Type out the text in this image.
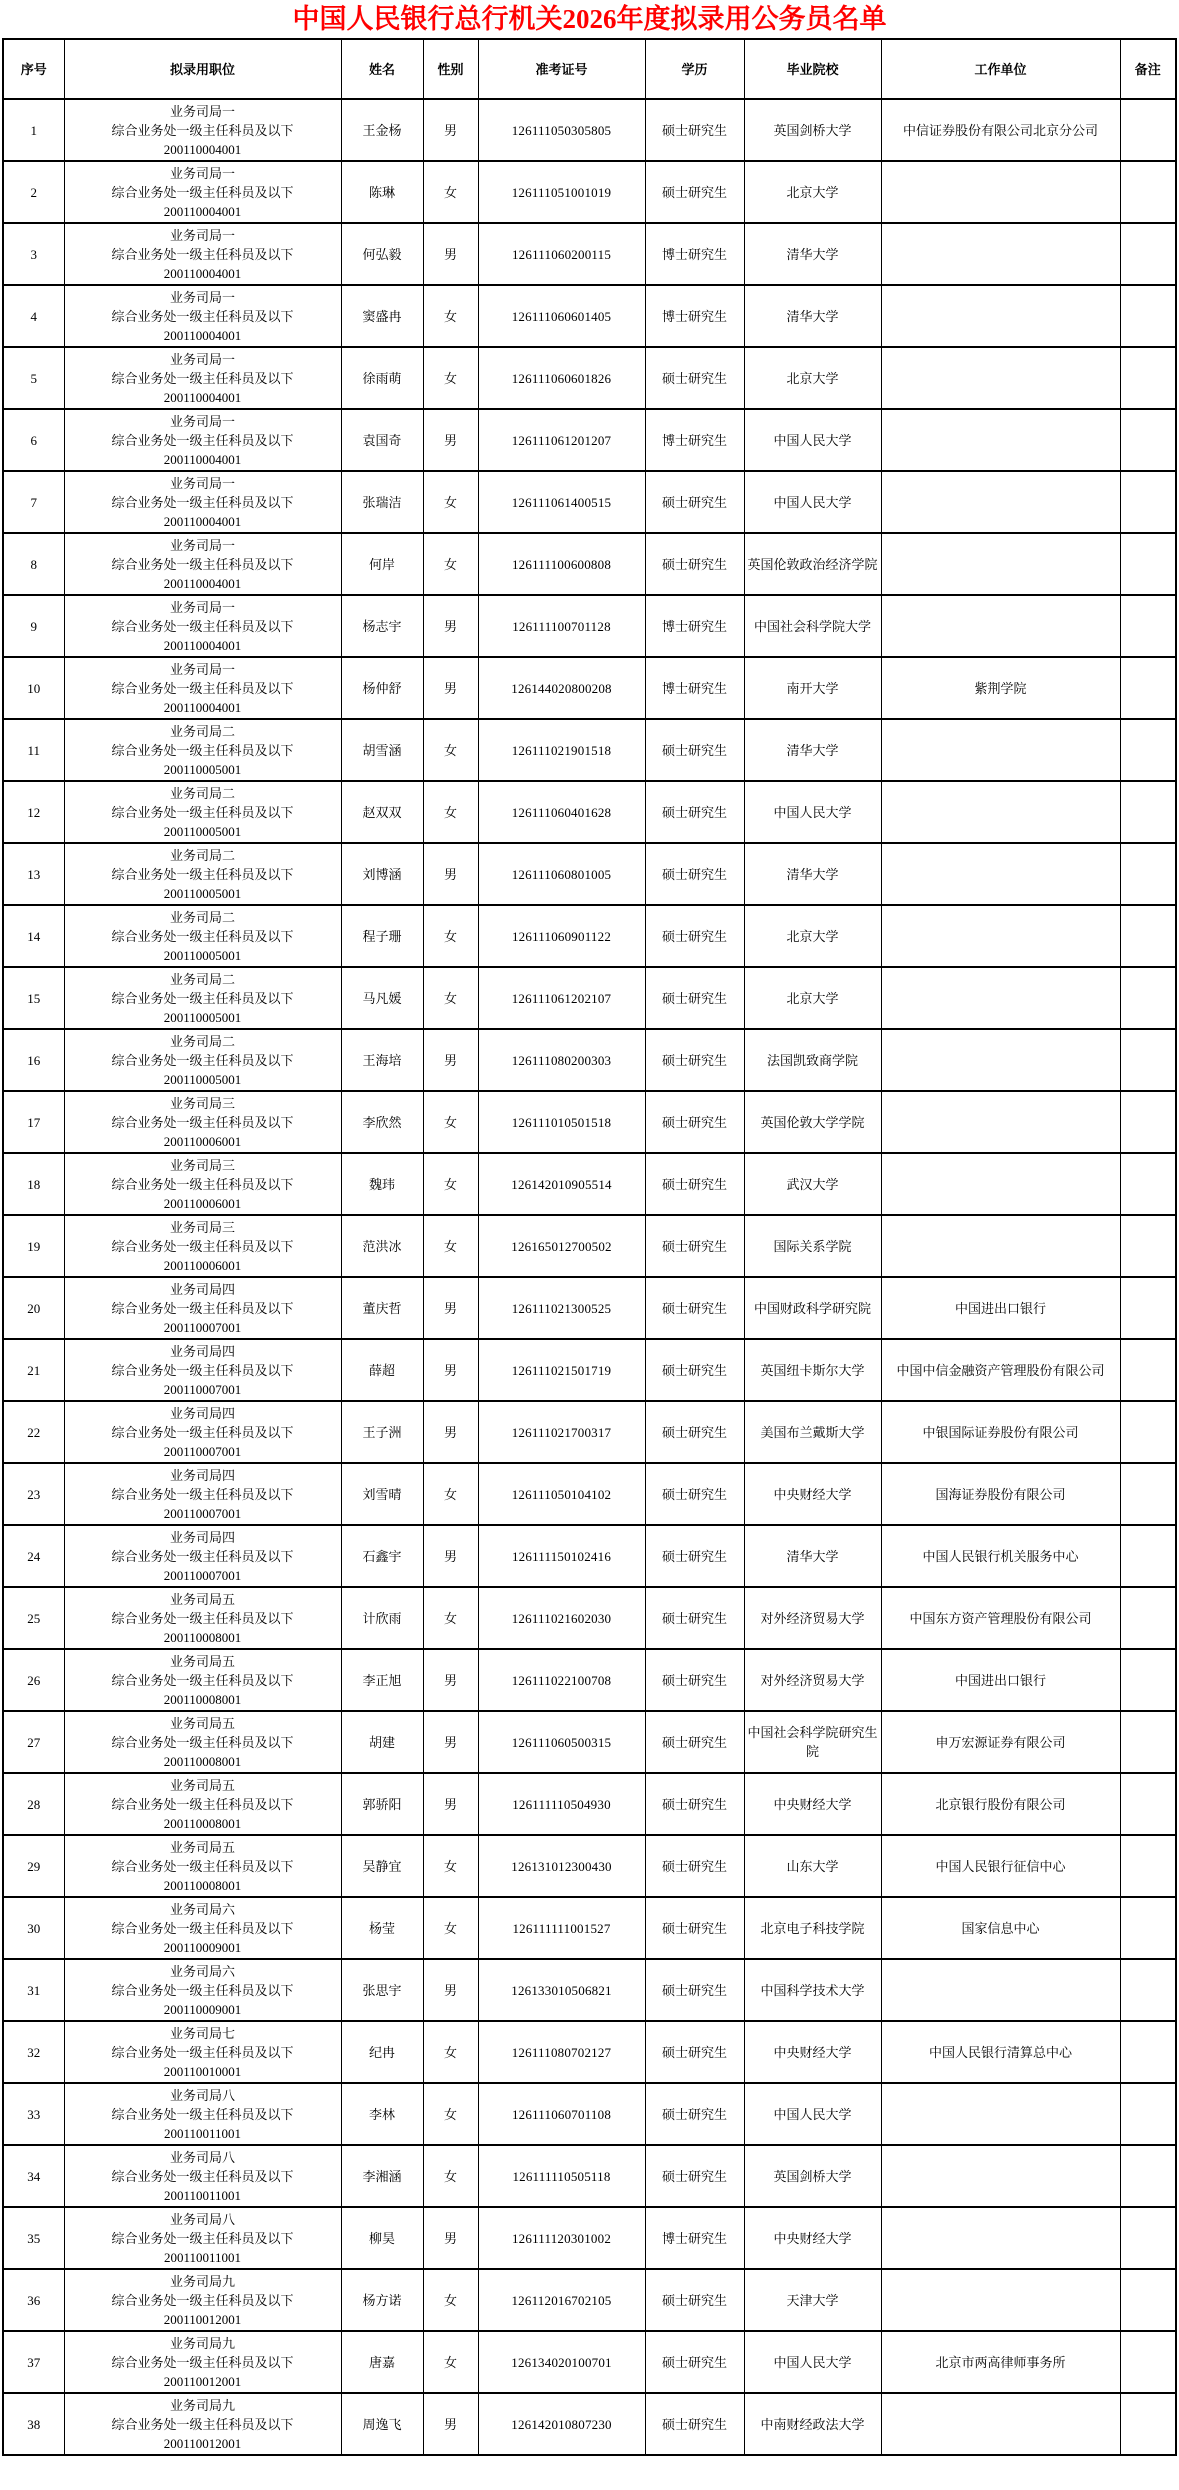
中国人民银行总行机关2026年度拟录用公务员名单
序号	拟录用职位	姓名	性别	准考证号	学历	毕业院校	工作单位	备注
1	业务司局一
综合业务处一级主任科员及以下
200110004001	王金杨	男	126111050305805	硕士研究生	英国剑桥大学	中信证券股份有限公司北京分公司	
2	业务司局一
综合业务处一级主任科员及以下
200110004001	陈琳	女	126111051001019	硕士研究生	北京大学		
3	业务司局一
综合业务处一级主任科员及以下
200110004001	何弘毅	男	126111060200115	博士研究生	清华大学		
4	业务司局一
综合业务处一级主任科员及以下
200110004001	窦盛冉	女	126111060601405	博士研究生	清华大学		
5	业务司局一
综合业务处一级主任科员及以下
200110004001	徐雨萌	女	126111060601826	硕士研究生	北京大学		
6	业务司局一
综合业务处一级主任科员及以下
200110004001	袁国奇	男	126111061201207	博士研究生	中国人民大学		
7	业务司局一
综合业务处一级主任科员及以下
200110004001	张瑞洁	女	126111061400515	硕士研究生	中国人民大学		
8	业务司局一
综合业务处一级主任科员及以下
200110004001	何岸	女	126111100600808	硕士研究生	英国伦敦政治经济学院		
9	业务司局一
综合业务处一级主任科员及以下
200110004001	杨志宇	男	126111100701128	博士研究生	中国社会科学院大学		
10	业务司局一
综合业务处一级主任科员及以下
200110004001	杨仲舒	男	126144020800208	博士研究生	南开大学	紫荆学院	
11	业务司局二
综合业务处一级主任科员及以下
200110005001	胡雪涵	女	126111021901518	硕士研究生	清华大学		
12	业务司局二
综合业务处一级主任科员及以下
200110005001	赵双双	女	126111060401628	硕士研究生	中国人民大学		
13	业务司局二
综合业务处一级主任科员及以下
200110005001	刘博涵	男	126111060801005	硕士研究生	清华大学		
14	业务司局二
综合业务处一级主任科员及以下
200110005001	程子珊	女	126111060901122	硕士研究生	北京大学		
15	业务司局二
综合业务处一级主任科员及以下
200110005001	马凡媛	女	126111061202107	硕士研究生	北京大学		
16	业务司局二
综合业务处一级主任科员及以下
200110005001	王海培	男	126111080200303	硕士研究生	法国凯致商学院		
17	业务司局三
综合业务处一级主任科员及以下
200110006001	李欣然	女	126111010501518	硕士研究生	英国伦敦大学学院		
18	业务司局三
综合业务处一级主任科员及以下
200110006001	魏玮	女	126142010905514	硕士研究生	武汉大学		
19	业务司局三
综合业务处一级主任科员及以下
200110006001	范洪冰	女	126165012700502	硕士研究生	国际关系学院		
20	业务司局四
综合业务处一级主任科员及以下
200110007001	董庆哲	男	126111021300525	硕士研究生	中国财政科学研究院	中国进出口银行	
21	业务司局四
综合业务处一级主任科员及以下
200110007001	薛超	男	126111021501719	硕士研究生	英国纽卡斯尔大学	中国中信金融资产管理股份有限公司	
22	业务司局四
综合业务处一级主任科员及以下
200110007001	王子洲	男	126111021700317	硕士研究生	美国布兰戴斯大学	中银国际证券股份有限公司	
23	业务司局四
综合业务处一级主任科员及以下
200110007001	刘雪晴	女	126111050104102	硕士研究生	中央财经大学	国海证券股份有限公司	
24	业务司局四
综合业务处一级主任科员及以下
200110007001	石鑫宇	男	126111150102416	硕士研究生	清华大学	中国人民银行机关服务中心	
25	业务司局五
综合业务处一级主任科员及以下
200110008001	计欣雨	女	126111021602030	硕士研究生	对外经济贸易大学	中国东方资产管理股份有限公司	
26	业务司局五
综合业务处一级主任科员及以下
200110008001	李正旭	男	126111022100708	硕士研究生	对外经济贸易大学	中国进出口银行	
27	业务司局五
综合业务处一级主任科员及以下
200110008001	胡建	男	126111060500315	硕士研究生	中国社会科学院研究生院	申万宏源证券有限公司	
28	业务司局五
综合业务处一级主任科员及以下
200110008001	郭骄阳	男	126111110504930	硕士研究生	中央财经大学	北京银行股份有限公司	
29	业务司局五
综合业务处一级主任科员及以下
200110008001	吴静宜	女	126131012300430	硕士研究生	山东大学	中国人民银行征信中心	
30	业务司局六
综合业务处一级主任科员及以下
200110009001	杨莹	女	126111111001527	硕士研究生	北京电子科技学院	国家信息中心	
31	业务司局六
综合业务处一级主任科员及以下
200110009001	张思宇	男	126133010506821	硕士研究生	中国科学技术大学		
32	业务司局七
综合业务处一级主任科员及以下
200110010001	纪冉	女	126111080702127	硕士研究生	中央财经大学	中国人民银行清算总中心	
33	业务司局八
综合业务处一级主任科员及以下
200110011001	李林	女	126111060701108	硕士研究生	中国人民大学		
34	业务司局八
综合业务处一级主任科员及以下
200110011001	李湘涵	女	126111110505118	硕士研究生	英国剑桥大学		
35	业务司局八
综合业务处一级主任科员及以下
200110011001	柳昊	男	126111120301002	博士研究生	中央财经大学		
36	业务司局九
综合业务处一级主任科员及以下
200110012001	杨方诺	女	126112016702105	硕士研究生	天津大学		
37	业务司局九
综合业务处一级主任科员及以下
200110012001	唐嘉	女	126134020100701	硕士研究生	中国人民大学	北京市两高律师事务所	
38	业务司局九
综合业务处一级主任科员及以下
200110012001	周逸飞	男	126142010807230	硕士研究生	中南财经政法大学		
